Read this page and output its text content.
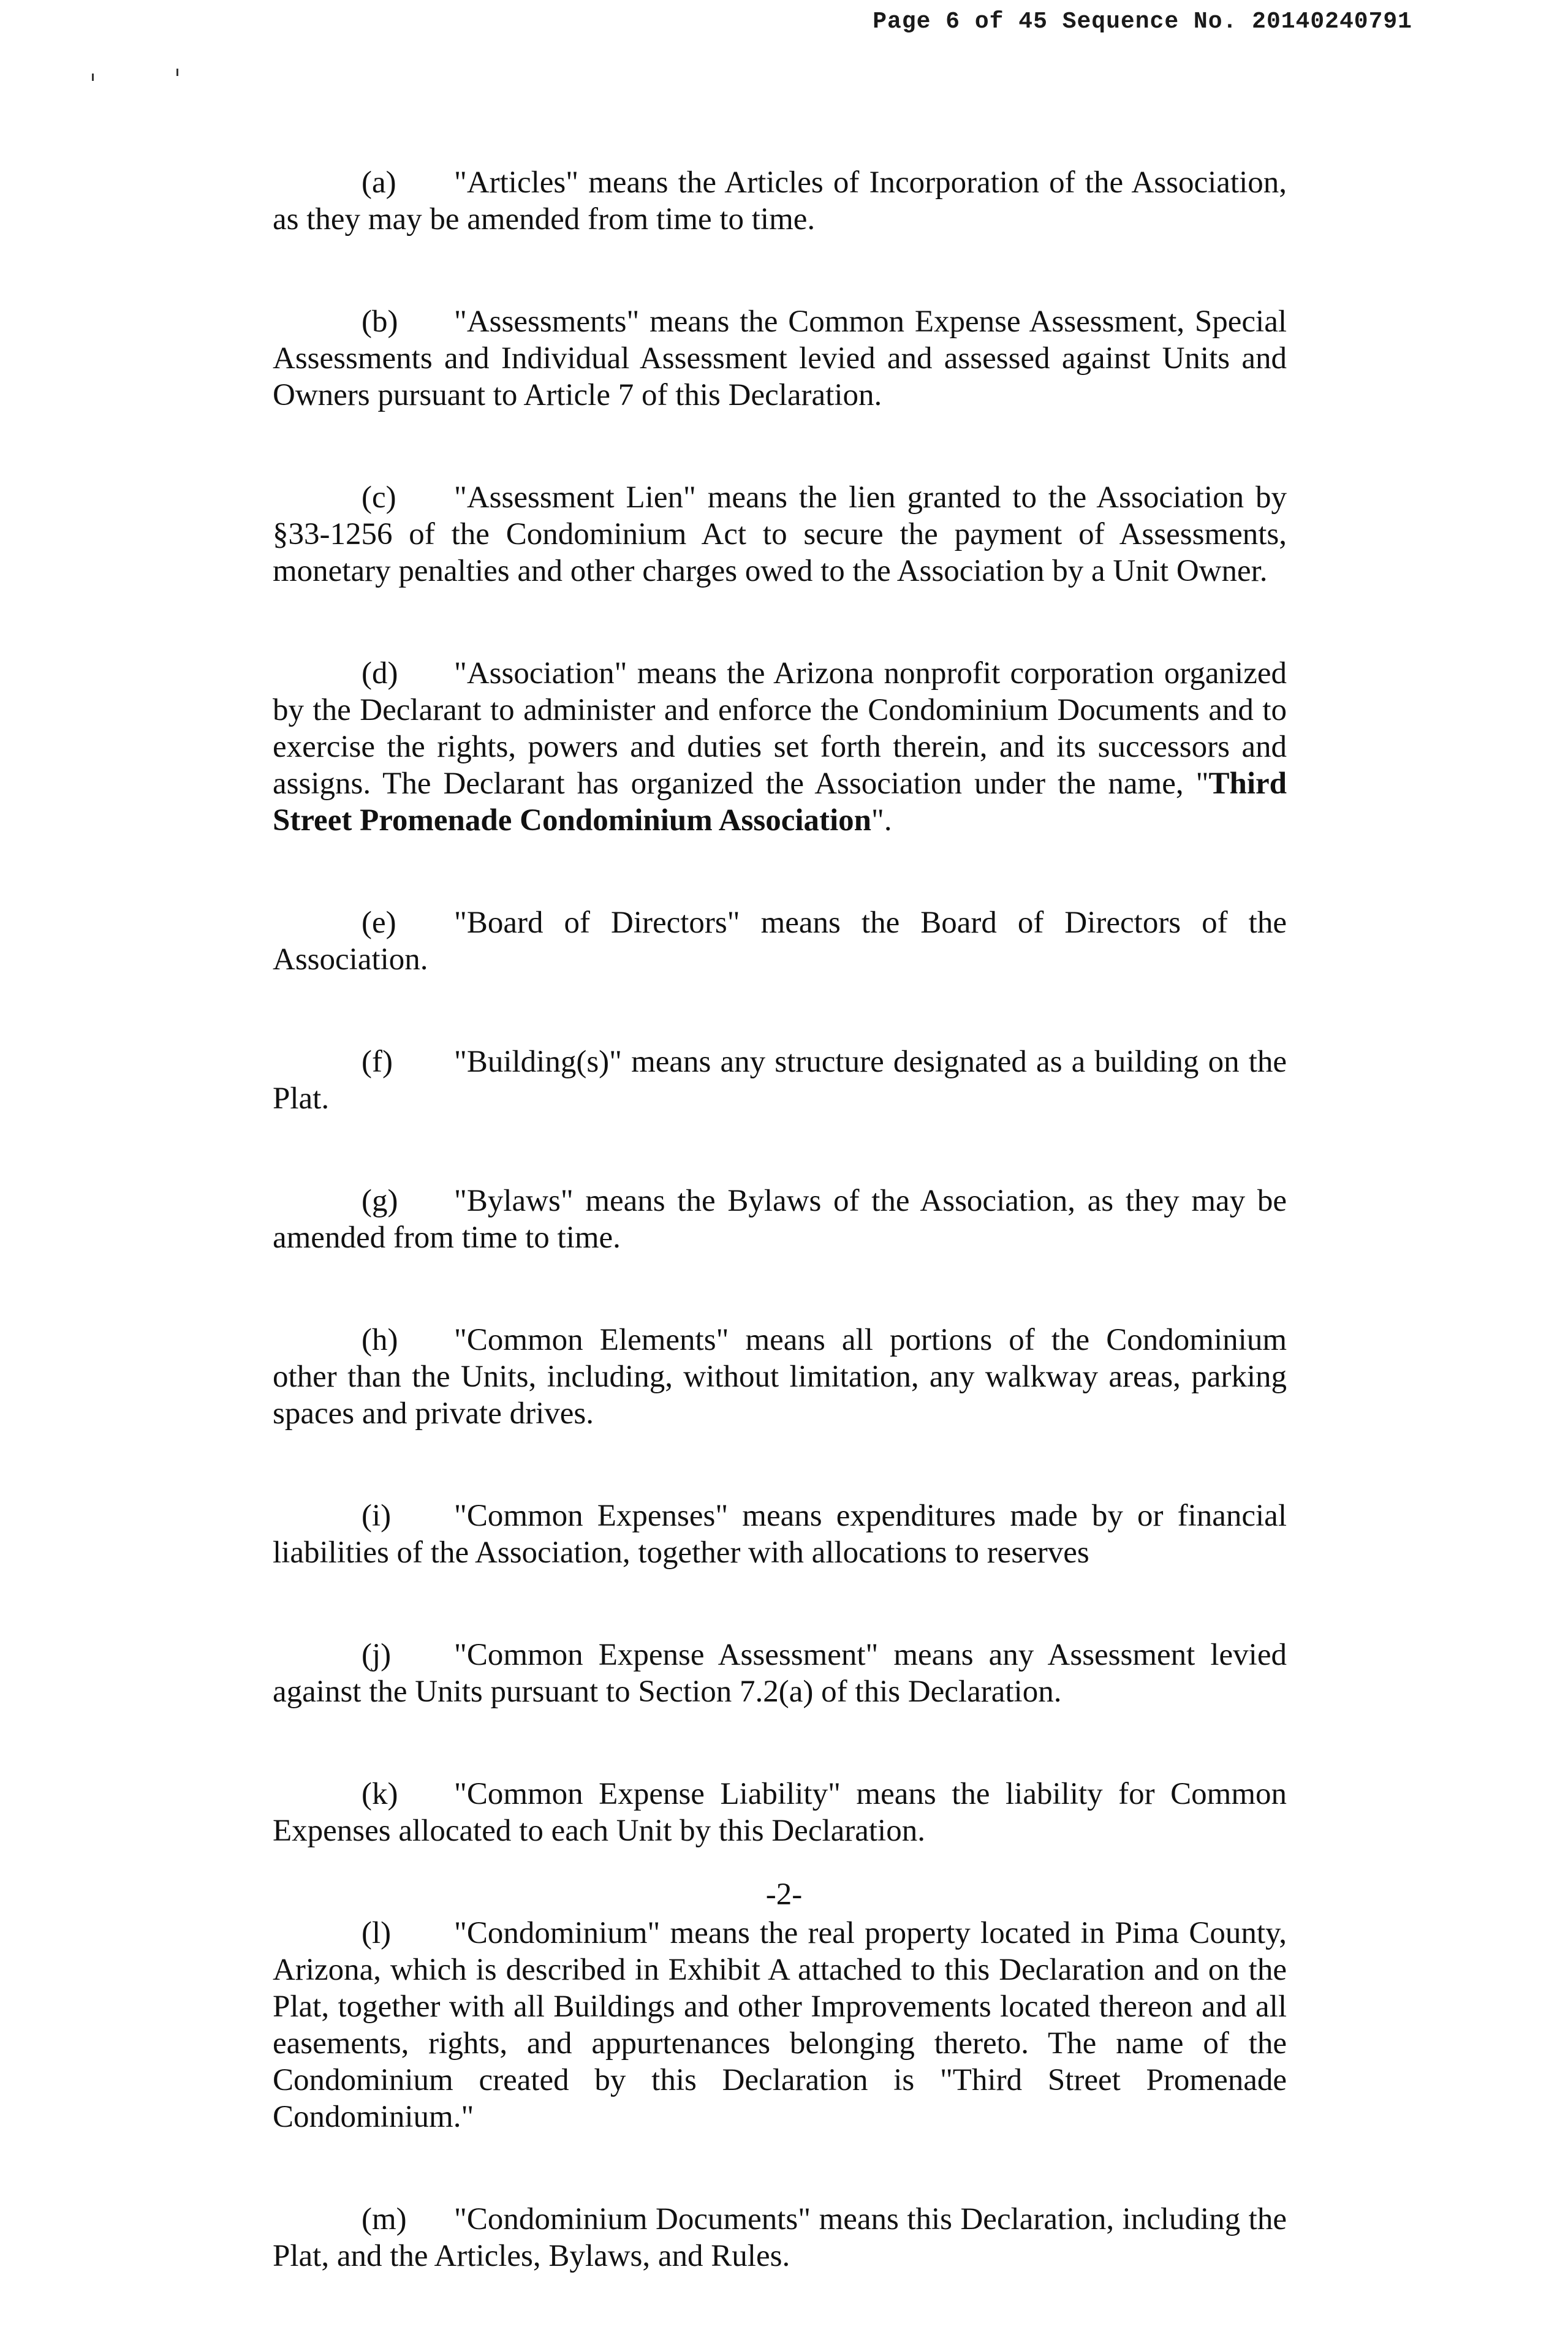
Page 6 of 45 Sequence No. 20140240791

(a) "Articles" means the Articles of Incorporation of the Association, as they may be amended from time to time.

(b) "Assessments" means the Common Expense Assessment, Special Assessments and Individual Assessment levied and assessed against Units and Owners pursuant to Article 7 of this Declaration.

(c) "Assessment Lien" means the lien granted to the Association by §33-1256 of the Condominium Act to secure the payment of Assessments, monetary penalties and other charges owed to the Association by a Unit Owner.

(d) "Association" means the Arizona nonprofit corporation organized by the Declarant to administer and enforce the Condominium Documents and to exercise the rights, powers and duties set forth therein, and its successors and assigns. The Declarant has organized the Association under the name, "Third Street Promenade Condominium Association".

(e) "Board of Directors" means the Board of Directors of the Association.

(f) "Building(s)" means any structure designated as a building on the Plat.

(g) "Bylaws" means the Bylaws of the Association, as they may be amended from time to time.

(h) "Common Elements" means all portions of the Condominium other than the Units, including, without limitation, any walkway areas, parking spaces and private drives.

(i) "Common Expenses" means expenditures made by or financial liabilities of the Association, together with allocations to reserves

(j) "Common Expense Assessment" means any Assessment levied against the Units pursuant to Section 7.2(a) of this Declaration.

(k) "Common Expense Liability" means the liability for Common Expenses allocated to each Unit by this Declaration.

(l) "Condominium" means the real property located in Pima County, Arizona, which is described in Exhibit A attached to this Declaration and on the Plat, together with all Buildings and other Improvements located thereon and all easements, rights, and appurtenances belonging thereto. The name of the Condominium created by this Declaration is "Third Street Promenade Condominium."

(m) "Condominium Documents" means this Declaration, including the Plat, and the Articles, Bylaws, and Rules.

-2-
